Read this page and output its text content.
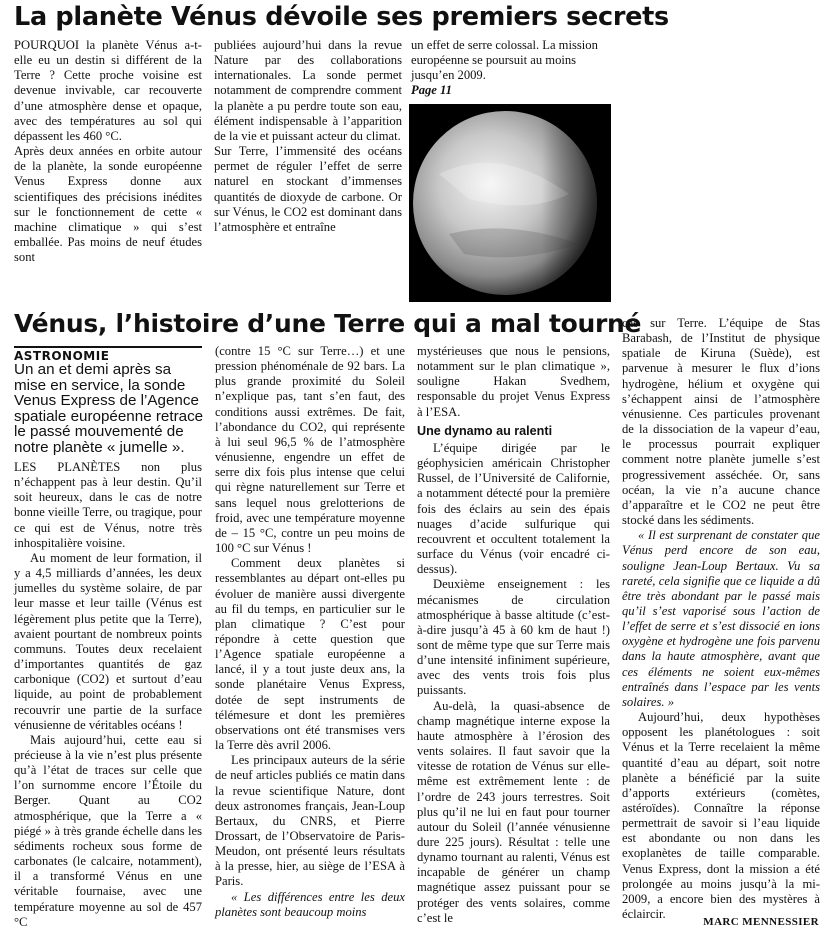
La planète Vénus dévoile ses premiers secrets

POURQUOI la planète Vénus a-t-elle eu un destin si différent de la Terre ? Cette proche voisine est devenue invivable, car recouverte d’une atmosphère dense et opaque, avec des températures au sol qui dépassent les 460 °C.

Après deux années en orbite autour de la planète, la sonde européenne Venus Express donne aux scientifiques des précisions inédites sur le fonctionnement de cette « machine climatique » qui s’est emballée. Pas moins de neuf études sont

publiées aujourd’hui dans la revue Nature par des collaborations internationales. La sonde permet notamment de comprendre comment la planète a pu perdre toute son eau, élément indispensable à l’apparition de la vie et puissant acteur du climat.

Sur Terre, l’immensité des océans permet de réguler l’effet de serre naturel en stockant d’immenses quantités de dioxyde de carbone. Or sur Vénus, le CO2 est dominant dans l’atmosphère et entraîne

un effet de serre colossal. La mission européenne se poursuit au moins jusqu’en 2009.

Page 11

Vénus, l’histoire d’une Terre qui a mal tourné
ASTRONOMIE
Un an et demi après sa mise en service, la sonde Venus Express de l’Agence spatiale européenne retrace le passé mouvementé de notre planète « jumelle ».

LES PLANÈTES non plus n’échappent pas à leur destin. Qu’il soit heureux, dans le cas de notre bonne vieille Terre, ou tragique, pour ce qui est de Vénus, notre très inhospitalière voisine.

Au moment de leur formation, il y a 4,5 milliards d’années, les deux jumelles du système solaire, de par leur masse et leur taille (Vénus est légèrement plus petite que la Terre), avaient pourtant de nombreux points communs. Toutes deux recelaient d’importantes quantités de gaz carbonique (CO2) et surtout d’eau liquide, au point de probablement recouvrir une partie de la surface vénusienne de véritables océans !

Mais aujourd’hui, cette eau si précieuse à la vie n’est plus présente qu’à l’état de traces sur celle que l’on surnomme encore l’Étoile du Berger. Quant au CO2 atmosphérique, que la Terre a « piégé » à très grande échelle dans les sédiments rocheux sous forme de carbonates (le calcaire, notamment), il a transformé Vénus en une véritable fournaise, avec une température moyenne au sol de 457 °C

(contre 15 °C sur Terre…) et une pression phénoménale de 92 bars. La plus grande proximité du Soleil n’explique pas, tant s’en faut, des conditions aussi extrêmes. De fait, l’abondance du CO2, qui représente à lui seul 96,5 % de l’atmosphère vénusienne, engendre un effet de serre dix fois plus intense que celui qui règne naturellement sur Terre et sans lequel nous grelotterions de froid, avec une température moyenne de – 15 °C, contre un peu moins de 100 °C sur Vénus !

Comment deux planètes si ressemblantes au départ ont-elles pu évoluer de manière aussi divergente au fil du temps, en particulier sur le plan climatique ? C’est pour répondre à cette question que l’Agence spatiale européenne a lancé, il y a tout juste deux ans, la sonde planétaire Venus Express, dotée de sept instruments de télémesure et dont les premières observations ont été transmises vers la Terre dès avril 2006.

Les principaux auteurs de la série de neuf articles publiés ce matin dans la revue scientifique Nature, dont deux astronomes français, Jean-Loup Bertaux, du CNRS, et Pierre Drossart, de l’Observatoire de Paris-Meudon, ont présenté leurs résultats à la presse, hier, au siège de l’ESA à Paris.

« Les différences entre les deux planètes sont beaucoup moins

mystérieuses que nous le pensions, notamment sur le plan climatique », souligne Hakan Svedhem, responsable du projet Venus Express à l’ESA.

Une dynamo au ralenti

L’équipe dirigée par le géophysicien américain Christopher Russel, de l’Université de Californie, a notamment détecté pour la première fois des éclairs au sein des épais nuages d’acide sulfurique qui recouvrent et occultent totalement la surface du Vénus (voir encadré ci-dessus).

Deuxième enseignement : les mécanismes de circulation atmosphérique à basse altitude (c’est-à-dire jusqu’à 45 à 60 km de haut !) sont de même type que sur Terre mais d’une intensité infiniment supérieure, avec des vents trois fois plus puissants.

Au-delà, la quasi-absence de champ magnétique interne expose la haute atmosphère à l’érosion des vents solaires. Il faut savoir que la vitesse de rotation de Vénus sur elle-même est extrêmement lente : de l’ordre de 243 jours terrestres. Soit plus qu’il ne lui en faut pour tourner autour du Soleil (l’année vénusienne dure 225 jours). Résultat : telle une dynamo tournant au ralenti, Vénus est incapable de générer un champ magnétique assez puissant pour se protéger des vents solaires, comme c’est le

cas sur Terre. L’équipe de Stas Barabash, de l’Institut de physique spatiale de Kiruna (Suède), est parvenue à mesurer le flux d’ions hydrogène, hélium et oxygène qui s’échappent ainsi de l’atmosphère vénusienne. Ces particules provenant de la dissociation de la vapeur d’eau, le processus pourrait expliquer comment notre planète jumelle s’est progressivement asséchée. Or, sans océan, la vie n’a aucune chance d’apparaître et le CO2 ne peut être stocké dans les sédiments.

« Il est surprenant de constater que Vénus perd encore de son eau, souligne Jean-Loup Bertaux. Vu sa rareté, cela signifie que ce liquide a dû être très abondant par le passé mais qu’il s’est vaporisé sous l’action de l’effet de serre et s’est dissocié en ions oxygène et hydrogène une fois parvenu dans la haute atmosphère, avant que ces éléments ne soient eux-mêmes entraînés dans l’espace par les vents solaires. »

Aujourd’hui, deux hypothèses opposent les planétologues : soit Vénus et la Terre recelaient la même quantité d’eau au départ, soit notre planète a bénéficié par la suite d’apports extérieurs (comètes, astéroïdes). Connaître la réponse permettrait de savoir si l’eau liquide est abondante ou non dans les exoplanètes de taille comparable. Venus Express, dont la mission a été prolongée au moins jusqu’à la mi-2009, a encore bien des mystères à éclaircir.

MARC MENNESSIER
